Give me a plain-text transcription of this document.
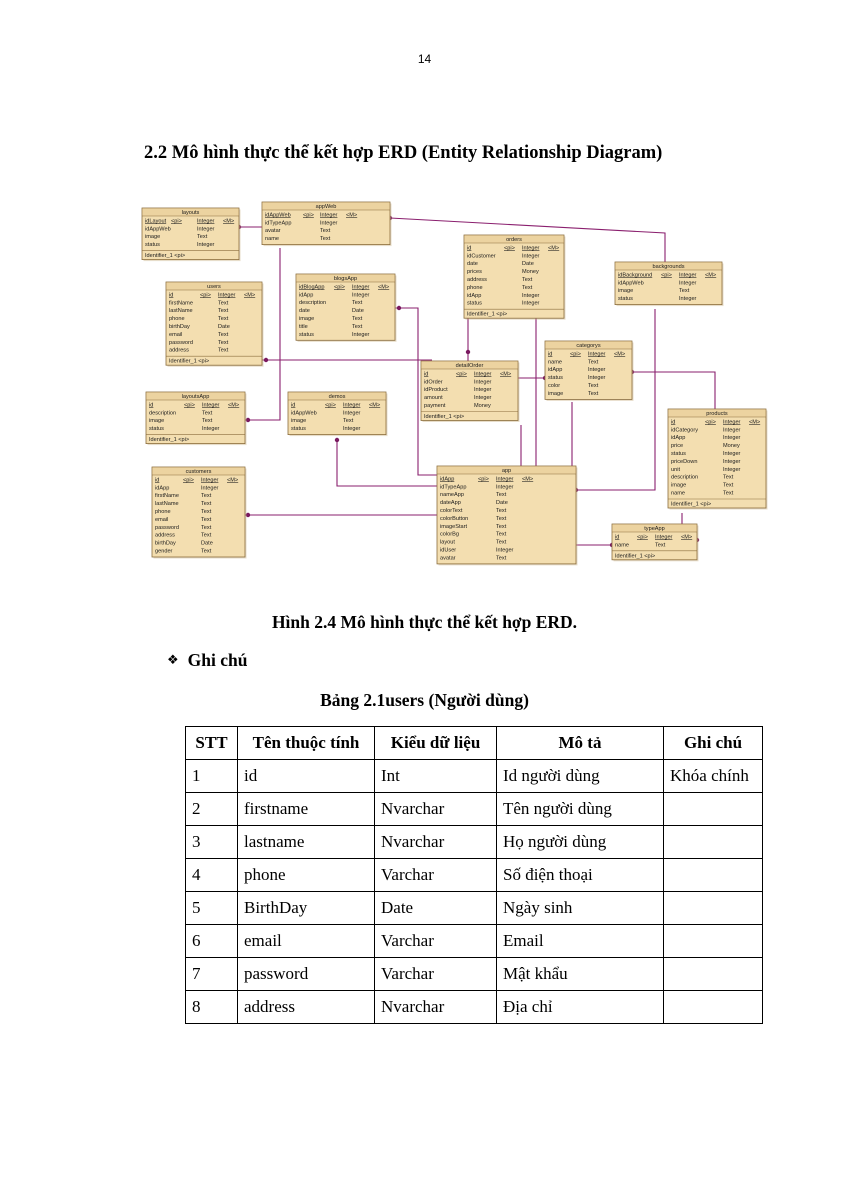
14
2.2 Mô hình thực thể kết hợp ERD (Entity Relationship Diagram)
layouts
idLayout <pi>	Integer <M>
idAppWeb	Integer
image	Text
status	Integer
Identifier_1 <pi>
appWeb
idAppWeb <pi> Integer <M>
idTypeApp	Integer
avatar	Text
name	Text	orders
id	<pi> Integer <M>
idCustomer	Integer
date	Date
prices	Money
address	Text
phone	Text
idApp	Integer
status	Integer
Identifier_1 <pi>
backgrounds
idBackground <pi> Integer <M>
idAppWeb	Integer
image	Text
status	Integer
users
id	<pi> Integer <M>
firstName	Text
lastName	Text
phone	Text
birthDay	Date
email	Text
password	Text
address	Text
Identifier_1 <pi>
blogsApp
idBlogApp <pi> Integer <M>
idApp	Integer
description	Text
date	Date
image	Text
title	Text
status	Integer
categorys
id	<pi> Integer <M>
name	Text
idApp	Integer
status	Integer
color	Text
image	Text
detailOrder
id	<pi> Integer <M>
idOrder	Integer
idProduct	Integer
amount	Integer
payment	Money
Identifier_1 <pi>
layoutsApp
id	<pi> Integer <M>
description	Text
image	Text
status	Integer
Identifier_1 <pi>
demos
id	<pi> Integer <M>
idAppWeb	Integer
image	Text
status	Integer
products
id	<pi> Integer <M>
idCategory	Integer
idApp	Integer
price	Money
status	Integer
priceDown	Integer
unit	Integer
description	Text
image	Text
name	Text
Identifier_1 <pi>
customers
id	<pi> Integer <M>
idApp	Integer
firstName	Text
lastName	Text
phone	Text
email	Text
password	Text
address	Text
birthDay	Date
gender	Text
app
idApp	<pi> Integer <M>
idTypeApp	Integer
nameApp	Text
dateApp	Date
colorText	Text
colorButton	Text
imageStart	Text
colorBg	Text
layout	Text
idUser	Integer
avatar	Text
typeApp
id	<pi> Integer <M>
name	Text
Identifier_1 <pi>
Hình 2.4 Mô hình thực thể kết hợp ERD.
❖ Ghi chú
Bảng 2.1users (Người dùng)
STT	Tên thuộc tính	Kiểu dữ liệu	Mô tả	Ghi chú
1	id	Int	Id người dùng	Khóa chính
2	firstname	Nvarchar	Tên người dùng	
3	lastname	Nvarchar	Họ người dùng	
4	phone	Varchar	Số điện thoại	
5	BirthDay	Date	Ngày sinh	
6	email	Varchar	Email	
7	password	Varchar	Mật khẩu	
8	address	Nvarchar	Địa chỉ	
